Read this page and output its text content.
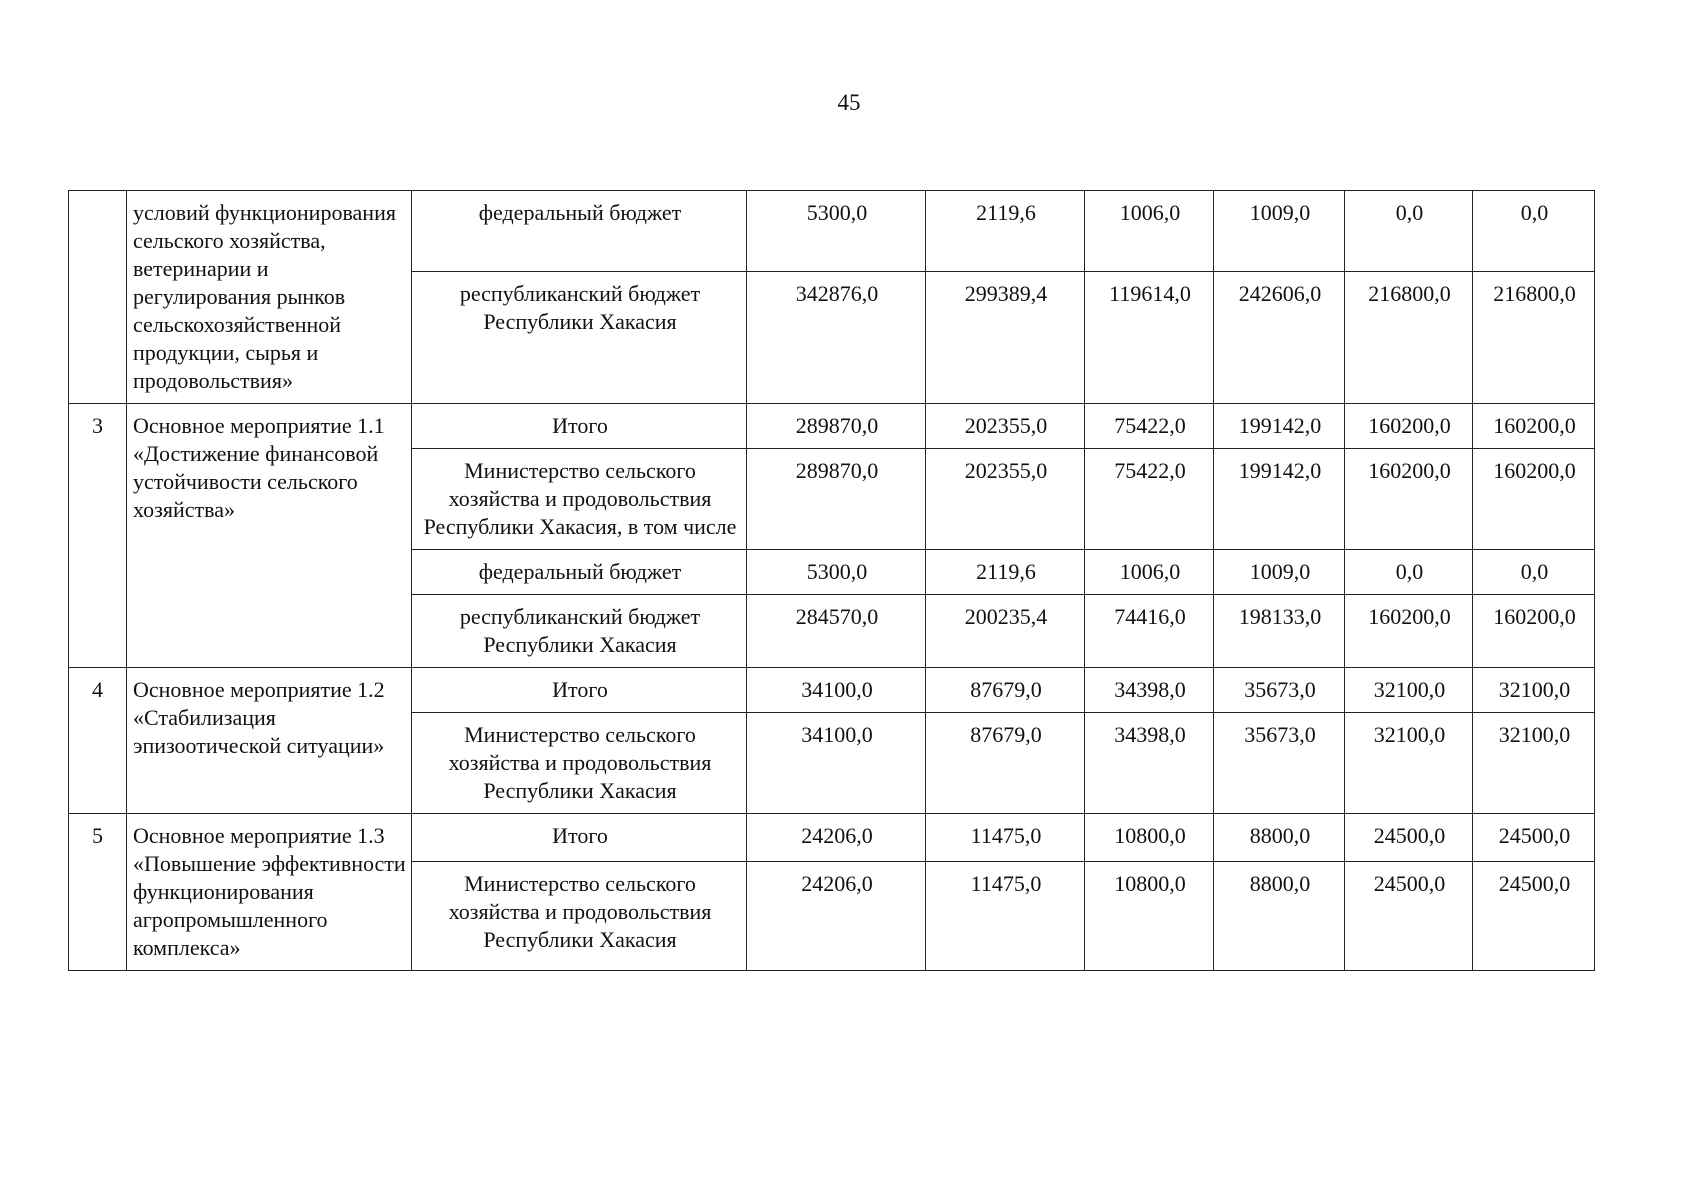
45
	условий функционирования сельского хозяйства, ветеринарии и регулирования рынков сельскохозяйственной продукции, сырья и продовольствия»	федеральный бюджет	5300,0	2119,6	1006,0	1009,0	0,0	0,0
		республиканский бюджет Республики Хакасия	342876,0	299389,4	119614,0	242606,0	216800,0	216800,0
3	Основное мероприятие 1.1 «Достижение финансовой устойчивости сельского хозяйства»	Итого	289870,0	202355,0	75422,0	199142,0	160200,0	160200,0
		Министерство сельского хозяйства и продовольствия Республики Хакасия, в том числе	289870,0	202355,0	75422,0	199142,0	160200,0	160200,0
		федеральный бюджет	5300,0	2119,6	1006,0	1009,0	0,0	0,0
		республиканский бюджет Республики Хакасия	284570,0	200235,4	74416,0	198133,0	160200,0	160200,0
4	Основное мероприятие 1.2 «Стабилизация эпизоотической ситуации»	Итого	34100,0	87679,0	34398,0	35673,0	32100,0	32100,0
		Министерство сельского хозяйства и продовольствия Республики Хакасия	34100,0	87679,0	34398,0	35673,0	32100,0	32100,0
5	Основное мероприятие 1.3 «Повышение эффективности функционирования агропромышленного комплекса»	Итого	24206,0	11475,0	10800,0	8800,0	24500,0	24500,0
		Министерство сельского хозяйства и продовольствия Республики Хакасия	24206,0	11475,0	10800,0	8800,0	24500,0	24500,0
